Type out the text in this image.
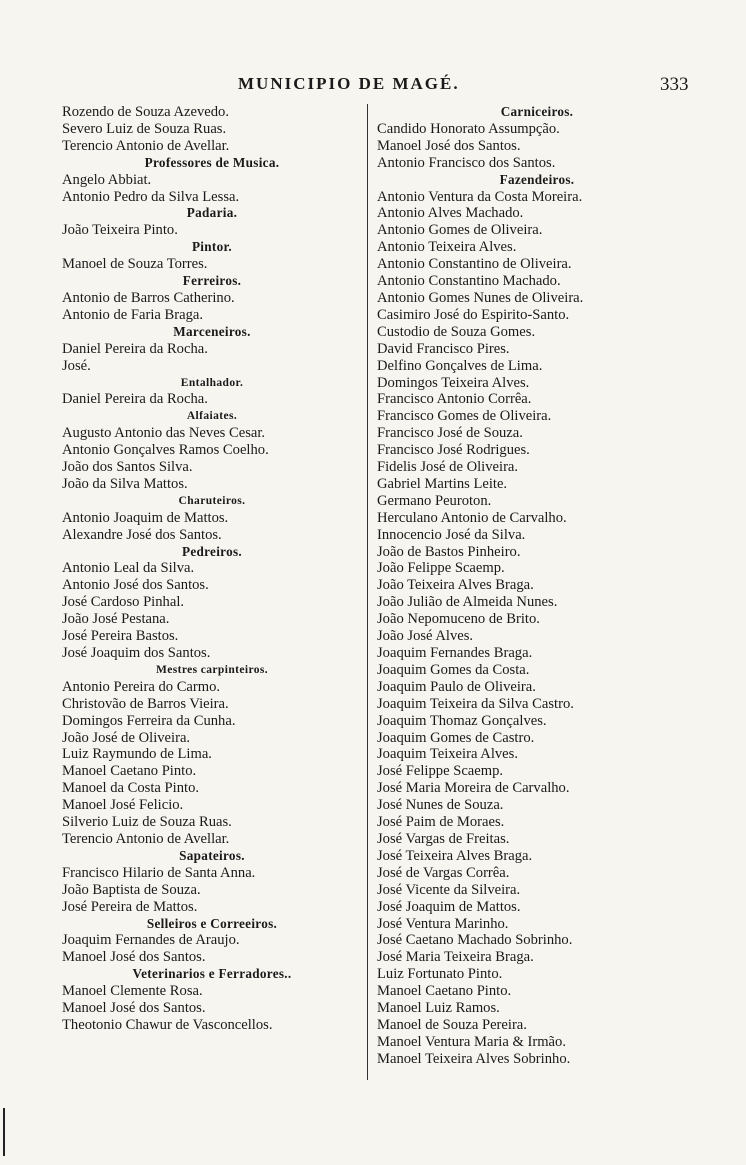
MUNICIPIO DE MAGÉ.	333
Rozendo de Souza Azevedo.
Severo Luiz de Souza Ruas.
Terencio Antonio de Avellar.
Professores de Musica.
Angelo Abbiat.
Antonio Pedro da Silva Lessa.
Padaria.
João Teixeira Pinto.
Pintor.
Manoel de Souza Torres.
Ferreiros.
Antonio de Barros Catherino.
Antonio de Faria Braga.
Marceneiros.
Daniel Pereira da Rocha.
José.
Entalhador.
Daniel Pereira da Rocha.
Alfaiates.
Augusto Antonio das Neves Cesar.
Antonio Gonçalves Ramos Coelho.
João dos Santos Silva.
João da Silva Mattos.
Charuteiros.
Antonio Joaquim de Mattos.
Alexandre José dos Santos.
Pedreiros.
Antonio Leal da Silva.
Antonio José dos Santos.
José Cardoso Pinhal.
João José Pestana.
José Pereira Bastos.
José Joaquim dos Santos.
Mestres carpinteiros.
Antonio Pereira do Carmo.
Christovão de Barros Vieira.
Domingos Ferreira da Cunha.
João José de Oliveira.
Luiz Raymundo de Lima.
Manoel Caetano Pinto.
Manoel da Costa Pinto.
Manoel José Felicio.
Silverio Luiz de Souza Ruas.
Terencio Antonio de Avellar.
Sapateiros.
Francisco Hilario de Santa Anna.
João Baptista de Souza.
José Pereira de Mattos.
Selleiros e Correeiros.
Joaquim Fernandes de Araujo.
Manoel José dos Santos.
Veterinarios e Ferradores..
Manoel Clemente Rosa.
Manoel José dos Santos.
Theotonio Chawur de Vasconcellos.
Carniceiros.
Candido Honorato Assumpção.
Manoel José dos Santos.
Antonio Francisco dos Santos.
Fazendeiros.
Antonio Ventura da Costa Moreira.
Antonio Alves Machado.
Antonio Gomes de Oliveira.
Antonio Teixeira Alves.
Antonio Constantino de Oliveira.
Antonio Constantino Machado.
Antonio Gomes Nunes de Oliveira.
Casimiro José do Espirito-Santo.
Custodio de Souza Gomes.
David Francisco Pires.
Delfino Gonçalves de Lima.
Domingos Teixeira Alves.
Francisco Antonio Corrêa.
Francisco Gomes de Oliveira.
Francisco José de Souza.
Francisco José Rodrigues.
Fidelis José de Oliveira.
Gabriel Martins Leite.
Germano Peuroton.
Herculano Antonio de Carvalho.
Innocencio José da Silva.
João de Bastos Pinheiro.
João Felippe Scaemp.
João Teixeira Alves Braga.
João Julião de Almeida Nunes.
João Nepomuceno de Brito.
João José Alves.
Joaquim Fernandes Braga.
Joaquim Gomes da Costa.
Joaquim Paulo de Oliveira.
Joaquim Teixeira da Silva Castro.
Joaquim Thomaz Gonçalves.
Joaquim Gomes de Castro.
Joaquim Teixeira Alves.
José Felippe Scaemp.
José Maria Moreira de Carvalho.
José Nunes de Souza.
José Paim de Moraes.
José Vargas de Freitas.
José Teixeira Alves Braga.
José de Vargas Corrêa.
José Vicente da Silveira.
José Joaquim de Mattos.
José Ventura Marinho.
José Caetano Machado Sobrinho.
José Maria Teixeira Braga.
Luiz Fortunato Pinto.
Manoel Caetano Pinto.
Manoel Luiz Ramos.
Manoel de Souza Pereira.
Manoel Ventura Maria & Irmão.
Manoel Teixeira Alves Sobrinho.
